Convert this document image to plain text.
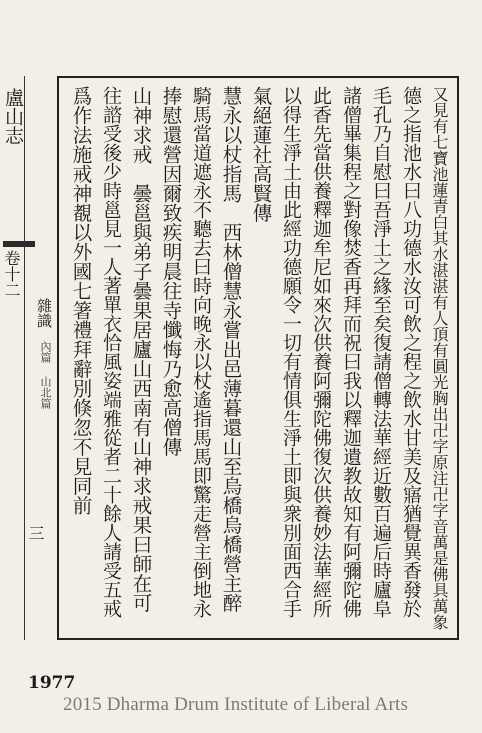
盧山志
卷十二
雜識
內篇 山北篇
三	又見有七寶池蓮青白其水湛湛有人頂有圓光胸出卍字原注卍字音萬是佛具萬象
德之指池水曰八功德水汝可飲之程之飲水甘美及寤猶覺異香發於
毛孔乃自慰曰吾淨土之緣至矣復請僧轉法華經近數百遍后時廬阜
諸僧畢集程之對像焚香再拜而祝曰我以釋迦遺教故知有阿彌陀佛
此香先當供養釋迦牟尼如來次供養阿彌陀佛復次供養妙法華經所
以得生淨土由此經功德願令一切有情俱生淨土即與衆別面西合手
氣絕蓮社高賢傳
慧永以杖指馬　西林僧慧永嘗出邑薄暮還山至烏橋烏橋營主醉
騎馬當道遮永不聽去曰時向晚永以杖遙指馬馬即驚走營主倒地永
捧慰還營因爾致疾明晨往寺懺悔乃愈高僧傳
山神求戒　曇邕與弟子曇果居廬山西南有山神求戒果曰師在可
往諮受後少時邕見一人著單衣恰風姿端雅從者二十餘人請受五戒
爲作法施戒神覩以外國七箸禮拜辭別倏忽不見同前
1977
2015 Dharma Drum Institute of Liberal Arts
